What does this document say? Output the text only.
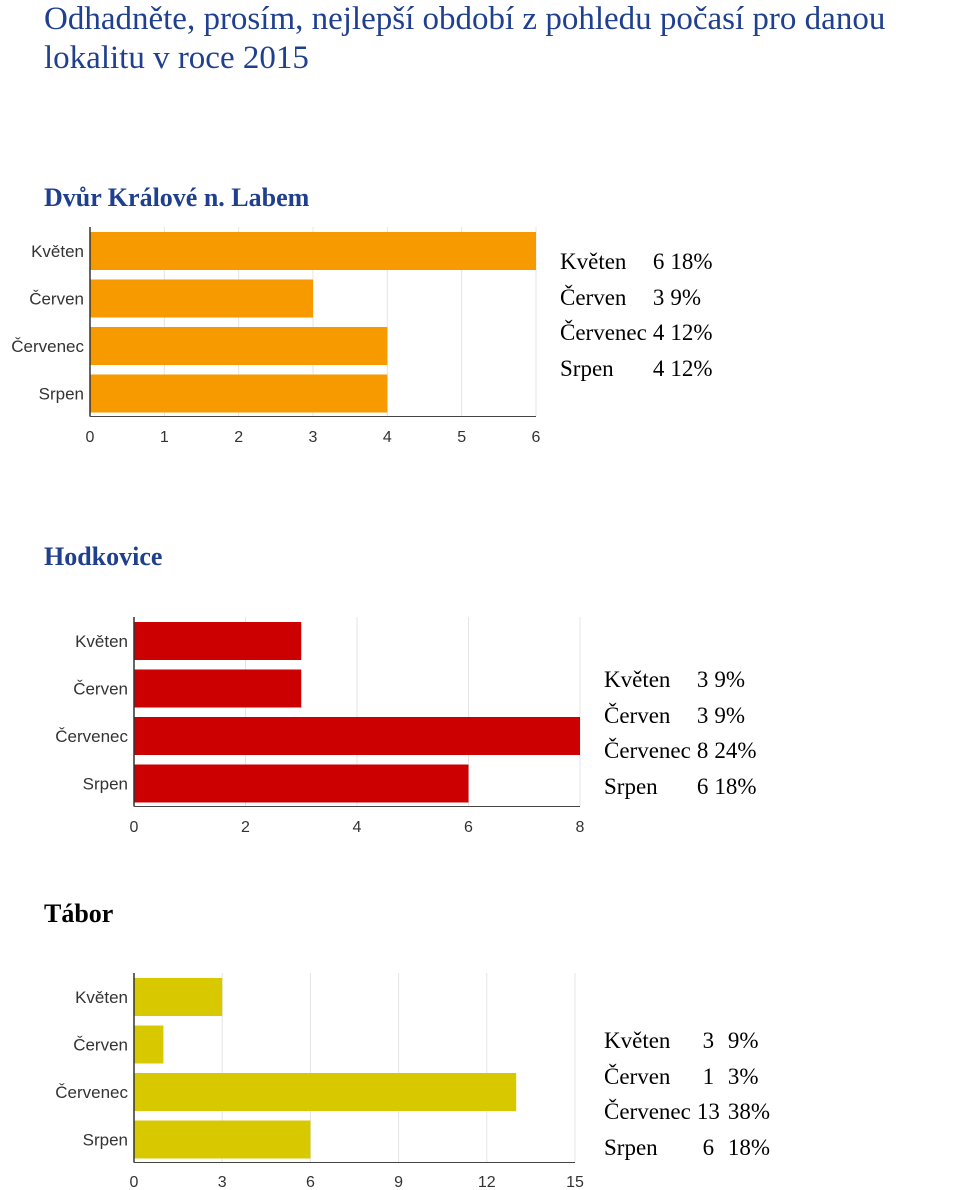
Odhadněte, prosím, nejlepší období z pohledu počasí pro danou lokalitu v roce 2015
Dvůr Králové n. Labem
Květen
Červen
Červenec
Srpen
0	1	2	3	4	5	6
Květen	6	18%
Červen	3	9%
Červenec	4	12%
Srpen	4	12%
Hodkovice
Květen
Červen
Červenec
Srpen
0	2	4	6	8
Květen	3	9%
Červen	3	9%
Červenec	8	24%
Srpen	6	18%
Tábor
Květen
Červen
Červenec
Srpen
0	3	6	9	12	15
Květen	3	9%
Červen	1	3%
Červenec	13	38%
Srpen	6	18%
